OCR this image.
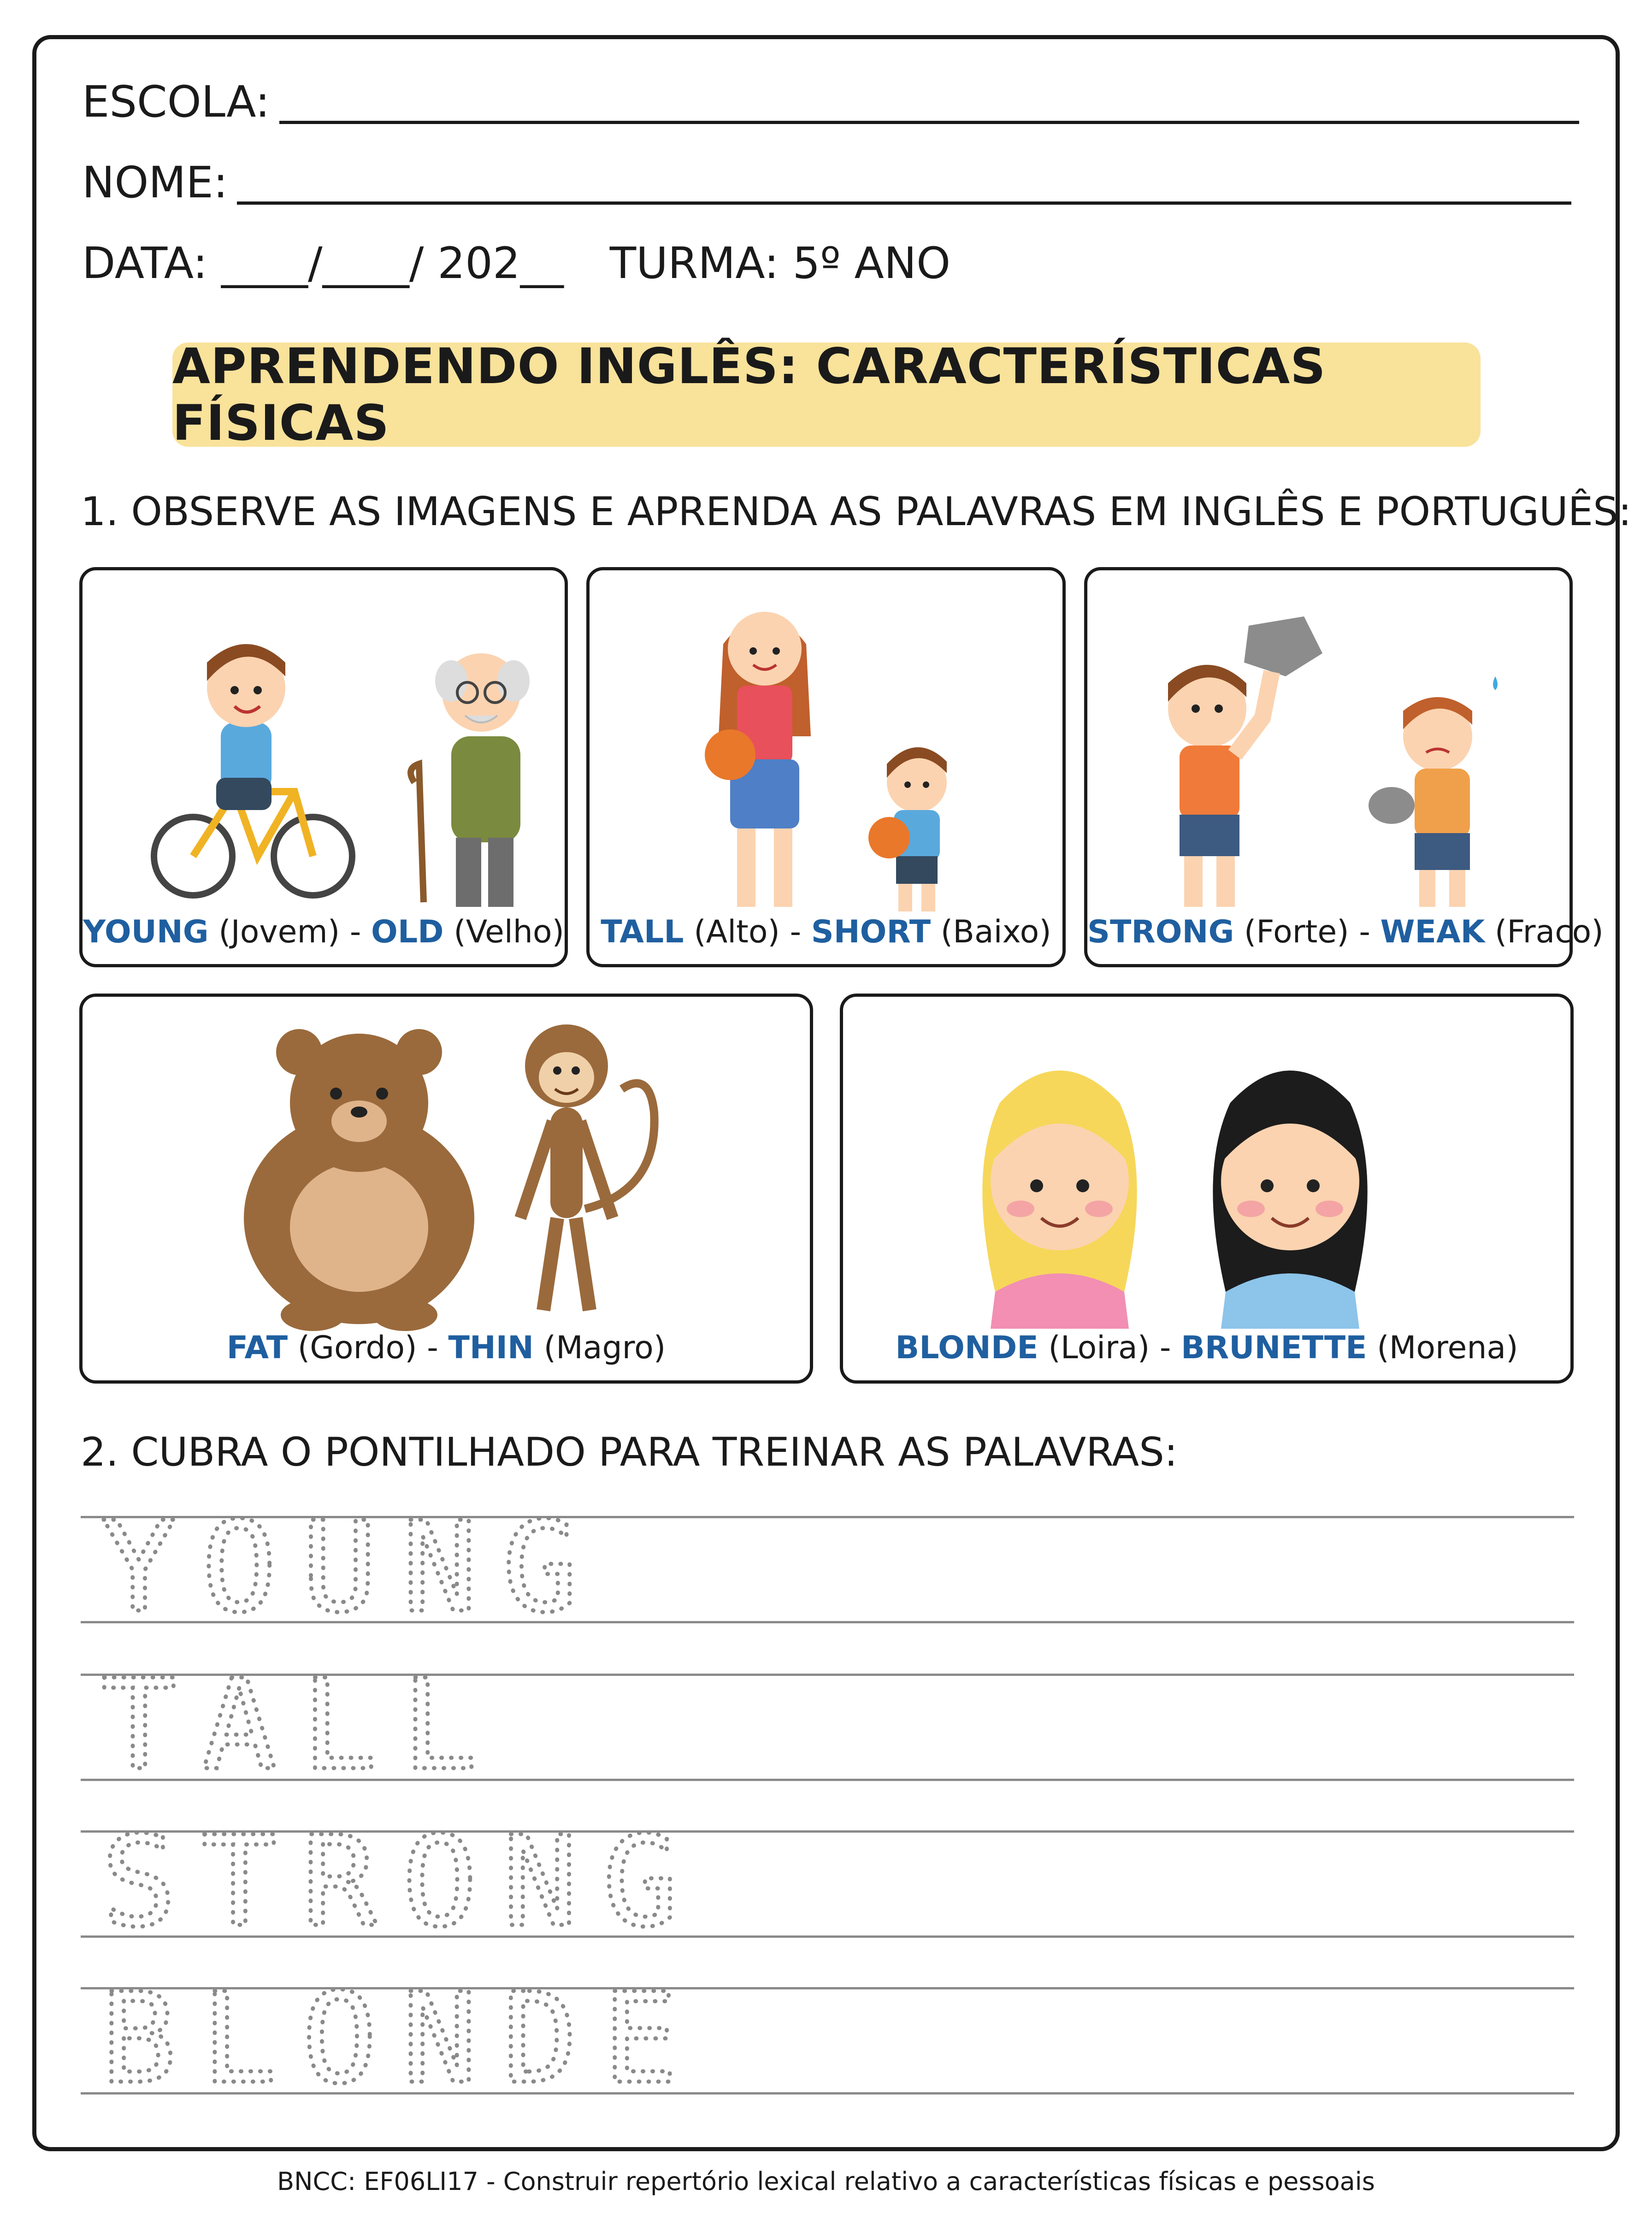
ESCOLA:
NOME:
DATA: ____/____/ 202__ TURMA: 5º ANO
APRENDENDO INGLÊS: CARACTERÍSTICAS FÍSICAS
1. OBSERVE AS IMAGENS E APRENDA AS PALAVRAS EM INGLÊS E PORTUGUÊS:
YOUNG (Jovem) - OLD (Velho)	TALL (Alto) - SHORT (Baixo)	STRONG (Forte) - WEAK (Fraco)
FAT (Gordo) - THIN (Magro)	BLONDE (Loira) - BRUNETTE (Morena)
2. CUBRA O PONTILHADO PARA TREINAR AS PALAVRAS:
YOUNG
TALL
STRONG
BLONDE
BNCC: EF06LI17 - Construir repertório lexical relativo a características físicas e pessoais
